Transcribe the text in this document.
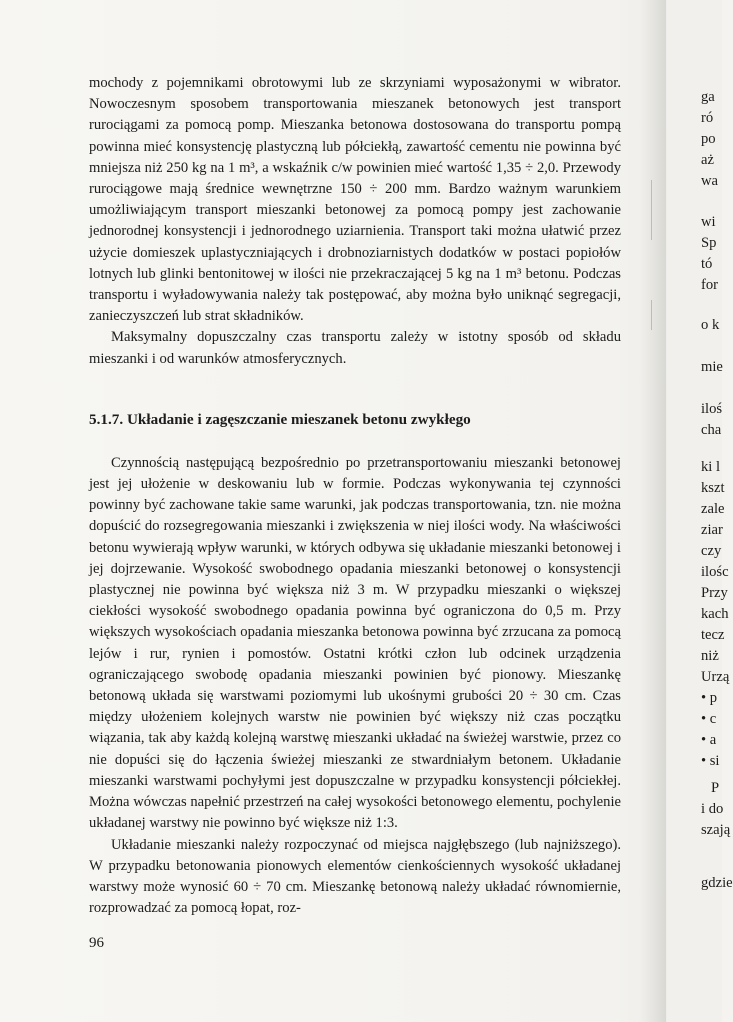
mochody z pojemnikami obrotowymi lub ze skrzyniami wyposażonymi w wibrator. Nowoczesnym sposobem transportowania mieszanek betonowych jest transport rurociągami za pomocą pomp. Mieszanka betonowa dostosowana do transportu pompą powinna mieć konsystencję plastyczną lub półciekłą, zawartość cementu nie powinna być mniejsza niż 250 kg na 1 m³, a wskaźnik c/w powinien mieć wartość 1,35 ÷ 2,0. Przewody rurociągowe mają średnice wewnętrzne 150 ÷ 200 mm. Bardzo ważnym warunkiem umożliwiającym transport mieszanki betonowej za pomocą pompy jest zachowanie jednorodnej konsystencji i jednorodnego uziarnienia. Transport taki można ułatwić przez użycie domieszek uplastyczniających i drobnoziarnistych dodatków w postaci popiołów lotnych lub glinki bentonitowej w ilości nie przekraczającej 5 kg na 1 m³ betonu. Podczas transportu i wyładowywania należy tak postępować, aby można było uniknąć segregacji, zanieczyszczeń lub strat składników.

Maksymalny dopuszczalny czas transportu zależy w istotny sposób od składu mieszanki i od warunków atmosferycznych.

5.1.7. Układanie i zagęszczanie mieszanek betonu zwykłego

Czynnością następującą bezpośrednio po przetransportowaniu mieszanki betonowej jest jej ułożenie w deskowaniu lub w formie. Podczas wykonywania tej czynności powinny być zachowane takie same warunki, jak podczas transportowania, tzn. nie można dopuścić do rozsegregowania mieszanki i zwiększenia w niej ilości wody. Na właściwości betonu wywierają wpływ warunki, w których odbywa się układanie mieszanki betonowej i jej dojrzewanie. Wysokość swobodnego opadania mieszanki betonowej o konsystencji plastycznej nie powinna być większa niż 3 m. W przypadku mieszanki o większej ciekłości wysokość swobodnego opadania powinna być ograniczona do 0,5 m. Przy większych wysokościach opadania mieszanka betonowa powinna być zrzucana za pomocą lejów i rur, rynien i pomostów. Ostatni krótki człon lub odcinek urządzenia ograniczającego swobodę opadania mieszanki powinien być pionowy. Mieszankę betonową układa się warstwami poziomymi lub ukośnymi grubości 20 ÷ 30 cm. Czas między ułożeniem kolejnych warstw nie powinien być większy niż czas początku wiązania, tak aby każdą kolejną warstwę mieszanki układać na świeżej warstwie, przez co nie dopuści się do łączenia świeżej mieszanki ze stwardniałym betonem. Układanie mieszanki warstwami pochyłymi jest dopuszczalne w przypadku konsystencji półciekłej. Można wówczas napełnić przestrzeń na całej wysokości betonowego elementu, pochylenie układanej warstwy nie powinno być większe niż 1:3.

Układanie mieszanki należy rozpoczynać od miejsca najgłębszego (lub najniższego). W przypadku betonowania pionowych elementów cienkościennych wysokość układanej warstwy może wynosić 60 ÷ 70 cm. Mieszankę betonową należy układać równomiernie, rozprowadzać za pomocą łopat, roz-

96
ga
ró
po
aż
wa
wi
Sp
tó
for
o k
mie
iloś
cha
ki l
kszt
zale
ziar
czy
ilośc
Przy
kach
tecz
niż
Urzą
• p
• c
• a
• si
P
i do
szają
gdzie
